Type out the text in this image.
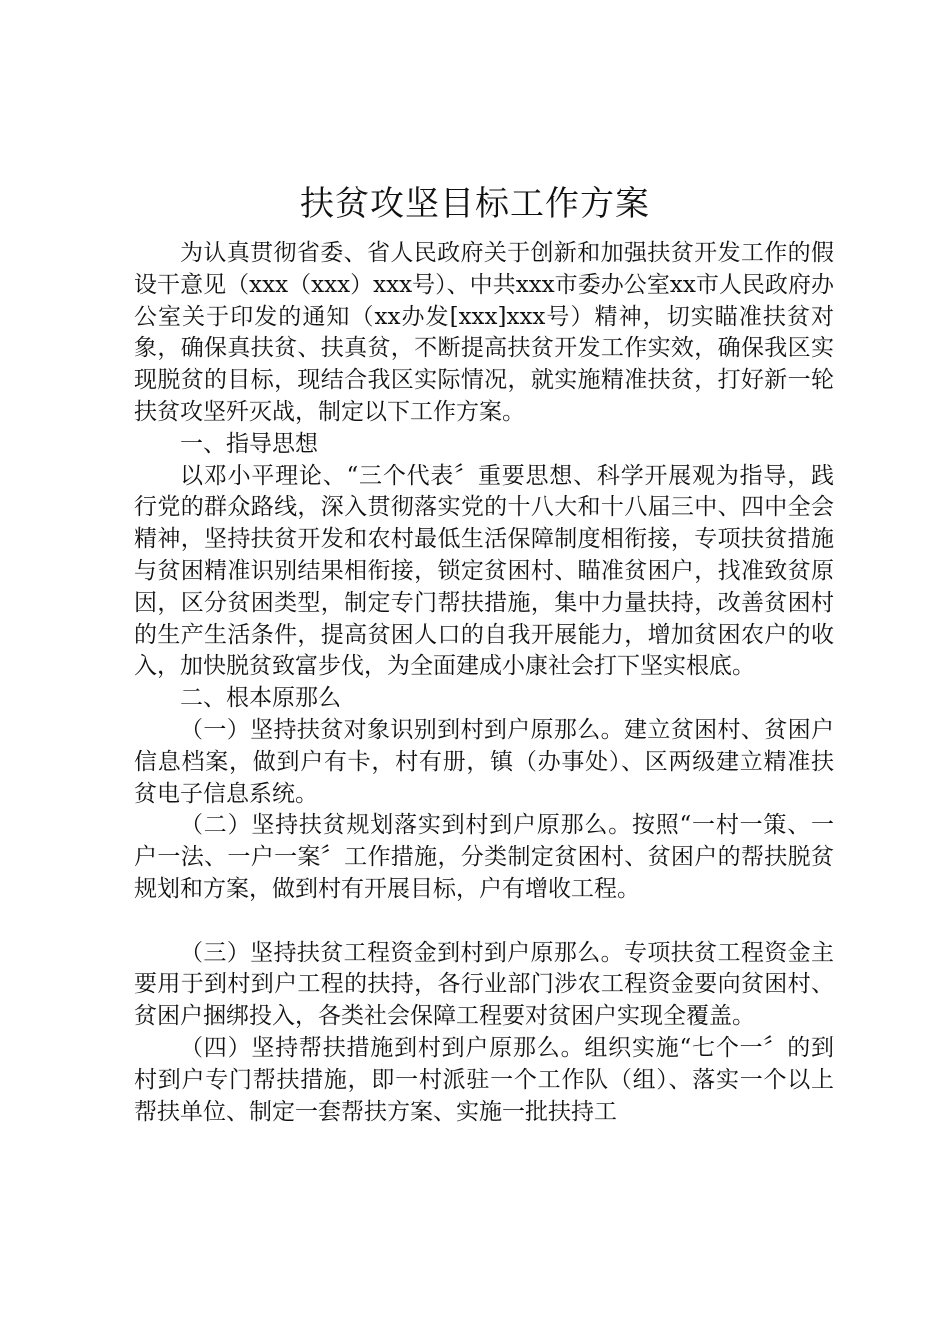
扶贫攻坚目标工作方案

为认真贯彻省委、省人民政府关于创新和加强扶贫开发工作的假设干意见（xxx（xxx）xxx号）、中共xxx市委办公室xx市人民政府办公室关于印发的通知（xx办发[xxx]xxx号）精神，切实瞄准扶贫对象，确保真扶贫、扶真贫，不断提高扶贫开发工作实效，确保我区实现脱贫的目标，现结合我区实际情况，就实施精准扶贫，打好新一轮扶贫攻坚歼灭战，制定以下工作方案。

一、指导思想

以邓小平理论、“三个代表〞重要思想、科学开展观为指导，践行党的群众路线，深入贯彻落实党的十八大和十八届三中、四中全会精神，坚持扶贫开发和农村最低生活保障制度相衔接，专项扶贫措施与贫困精准识别结果相衔接，锁定贫困村、瞄准贫困户，找准致贫原因，区分贫困类型，制定专门帮扶措施，集中力量扶持，改善贫困村的生产生活条件，提高贫困人口的自我开展能力，增加贫困农户的收入，加快脱贫致富步伐，为全面建成小康社会打下坚实根底。

二、根本原那么

（一）坚持扶贫对象识别到村到户原那么。建立贫困村、贫困户信息档案，做到户有卡，村有册，镇（办事处）、区两级建立精准扶贫电子信息系统。

（二）坚持扶贫规划落实到村到户原那么。按照“一村一策、一户一法、一户一案〞工作措施，分类制定贫困村、贫困户的帮扶脱贫规划和方案，做到村有开展目标，户有增收工程。

（三）坚持扶贫工程资金到村到户原那么。专项扶贫工程资金主要用于到村到户工程的扶持，各行业部门涉农工程资金要向贫困村、贫困户捆绑投入，各类社会保障工程要对贫困户实现全覆盖。

（四）坚持帮扶措施到村到户原那么。组织实施“七个一〞的到村到户专门帮扶措施，即一村派驻一个工作队（组）、落实一个以上帮扶单位、制定一套帮扶方案、实施一批扶持工
